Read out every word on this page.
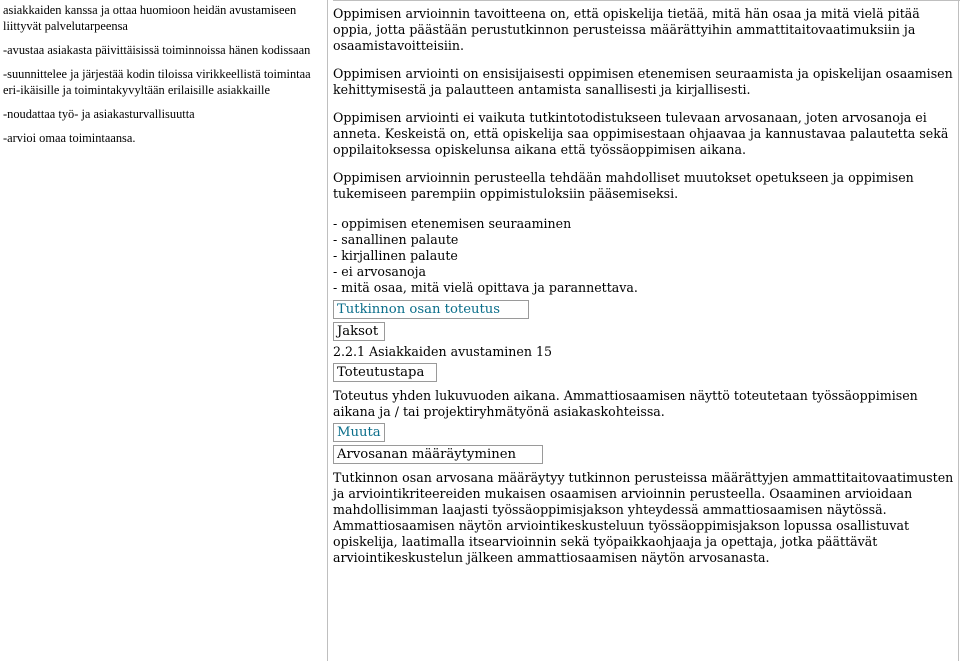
asiakkaiden kanssa ja ottaa huomioon heidän avustamiseen liittyvät palvelutarpeensa

-avustaa asiakasta päivittäisissä toiminnoissa hänen kodissaan

-suunnittelee ja järjestää kodin tiloissa virikkeellistä toimintaa eri-ikäisille ja toimintakyvyltään erilaisille asiakkaille

-noudattaa työ- ja asiakasturvallisuutta

-arvioi omaa toimintaansa.

Oppimisen arvioinnin tavoitteena on, että opiskelija tietää, mitä hän osaa ja mitä vielä pitää oppia, jotta päästään perustutkinnon perusteissa määrättyihin ammattitaitovaatimuksiin ja osaamistavoitteisiin.

Oppimisen arviointi on ensisijaisesti oppimisen etenemisen seuraamista ja opiskelijan osaamisen kehittymisestä ja palautteen antamista sanallisesti ja kirjallisesti.

Oppimisen arviointi ei vaikuta tutkintotodistukseen tulevaan arvosanaan, joten arvosanoja ei anneta. Keskeistä on, että opiskelija saa oppimisestaan ohjaavaa ja kannustavaa palautetta sekä oppilaitoksessa opiskelunsa aikana että työssäoppimisen aikana.

Oppimisen arvioinnin perusteella tehdään mahdolliset muutokset opetukseen ja oppimisen tukemiseen parempiin oppimistuloksiin pääsemiseksi.

- oppimisen etenemisen seuraaminen
- sanallinen palaute
- kirjallinen palaute
- ei arvosanoja
- mitä osaa, mitä vielä opittava ja parannettava.
Tutkinnon osan toteutus
Jaksot

2.2.1 Asiakkaiden avustaminen 15

Toteutustapa

Toteutus yhden lukuvuoden aikana. Ammattiosaamisen näyttö toteutetaan työssäoppimisen aikana ja / tai projektiryhmätyönä asiakaskohteissa.

Muuta
Arvosanan määräytyminen

Tutkinnon osan arvosana määräytyy tutkinnon perusteissa määrättyjen ammattitaitovaatimusten ja arviointikriteereiden mukaisen osaamisen arvioinnin perusteella. Osaaminen arvioidaan mahdollisimman laajasti työssäoppimisjakson yhteydessä ammattiosaamisen näytössä. Ammattiosaamisen näytön arviointikeskusteluun työssäoppimisjakson lopussa osallistuvat opiskelija, laatimalla itsearvioinnin sekä työpaikkaohjaaja ja opettaja, jotka päättävät arviointikeskustelun jälkeen ammattiosaamisen näytön arvosanasta.
